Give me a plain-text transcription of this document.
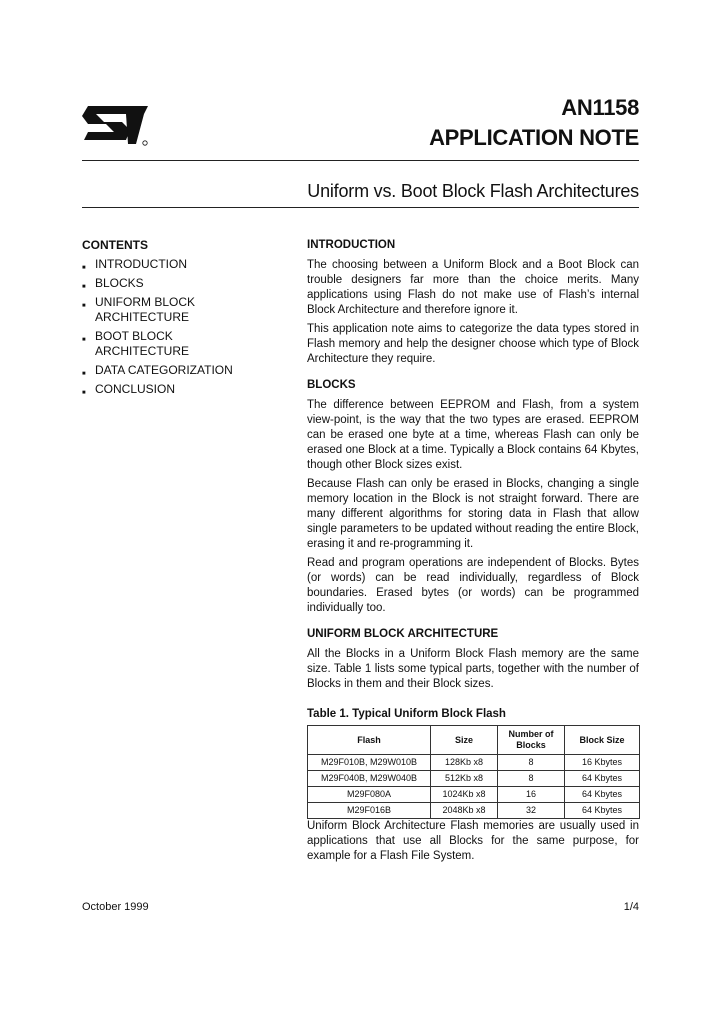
AN1158
APPLICATION NOTE
Uniform vs. Boot Block Flash Architectures
CONTENTS
■ INTRODUCTION
■ BLOCKS
■ UNIFORM BLOCK ARCHITECTURE
■ BOOT BLOCK ARCHITECTURE
■ DATA CATEGORIZATION
■ CONCLUSION
INTRODUCTION

The choosing between a Uniform Block and a Boot Block can trouble designers far more than the choice merits. Many applications using Flash do not make use of Flash’s internal Block Architecture and therefore ignore it.

This application note aims to categorize the data types stored in Flash memory and help the designer choose which type of Block Architecture they require.

BLOCKS

The difference between EEPROM and Flash, from a system view-point, is the way that the two types are erased. EEPROM can be erased one byte at a time, whereas Flash can only be erased one Block at a time. Typically a Block contains 64 Kbytes, though other Block sizes exist.

Because Flash can only be erased in Blocks, changing a single memory location in the Block is not straight forward. There are many different algorithms for storing data in Flash that allow single parameters to be updated without reading the entire Block, erasing it and re-programming it.

Read and program operations are independent of Blocks. Bytes (or words) can be read individually, regardless of Block boundaries. Erased bytes (or words) can be programmed individually too.

UNIFORM BLOCK ARCHITECTURE

All the Blocks in a Uniform Block Flash memory are the same size. Table 1 lists some typical parts, together with the number of Blocks in them and their Block sizes.

Table 1. Typical Uniform Block Flash
Flash	Size	Number of Blocks	Block Size
M29F010B, M29W010B	128Kb x8	8	16 Kbytes
M29F040B, M29W040B	512Kb x8	8	64 Kbytes
M29F080A	1024Kb x8	16	64 Kbytes
M29F016B	2048Kb x8	32	64 Kbytes

Uniform Block Architecture Flash memories are usually used in applications that use all Blocks for the same purpose, for example for a Flash File System.

October 1999	1/4
